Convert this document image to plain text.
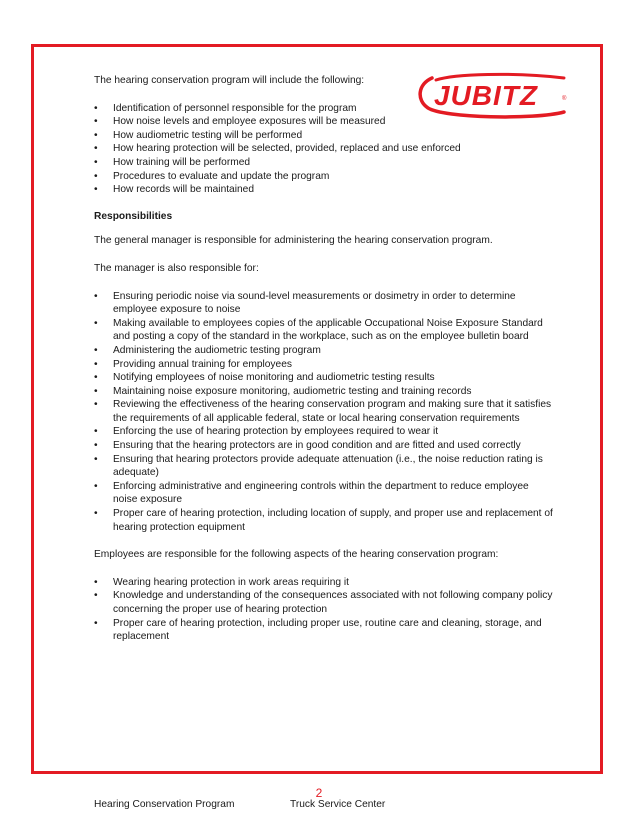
JUBITZ	®

The hearing conservation program will include the following:

• Identification of personnel responsible for the program
• How noise levels and employee exposures will be measured
• How audiometric testing will be performed
• How hearing protection will be selected, provided, replaced and use enforced
• How training will be performed
• Procedures to evaluate and update the program
• How records will be maintained

Responsibilities

The general manager is responsible for administering the hearing conservation program.

The manager is also responsible for:

• Ensuring periodic noise via sound-level measurements or dosimetry in order to determine employee exposure to noise
• Making available to employees copies of the applicable Occupational Noise Exposure Standard and posting a copy of the standard in the workplace, such as on the employee bulletin board
• Administering the audiometric testing program
• Providing annual training for employees
• Notifying employees of noise monitoring and audiometric testing results
• Maintaining noise exposure monitoring, audiometric testing and training records
• Reviewing the effectiveness of the hearing conservation program and making sure that it satisfies the requirements of all applicable federal, state or local hearing conservation requirements
• Enforcing the use of hearing protection by employees required to wear it
• Ensuring that the hearing protectors are in good condition and are fitted and used correctly
• Ensuring that hearing protectors provide adequate attenuation (i.e., the noise reduction rating is adequate)
• Enforcing administrative and engineering controls within the department to reduce employee noise exposure
• Proper care of hearing protection, including location of supply, and proper use and replacement of hearing protection equipment

Employees are responsible for the following aspects of the hearing conservation program:

• Wearing hearing protection in work areas requiring it
• Knowledge and understanding of the consequences associated with not following company policy concerning the proper use of hearing protection
• Proper care of hearing protection, including proper use, routine care and cleaning, storage, and replacement
2
Hearing Conservation Program	Truck Service Center
